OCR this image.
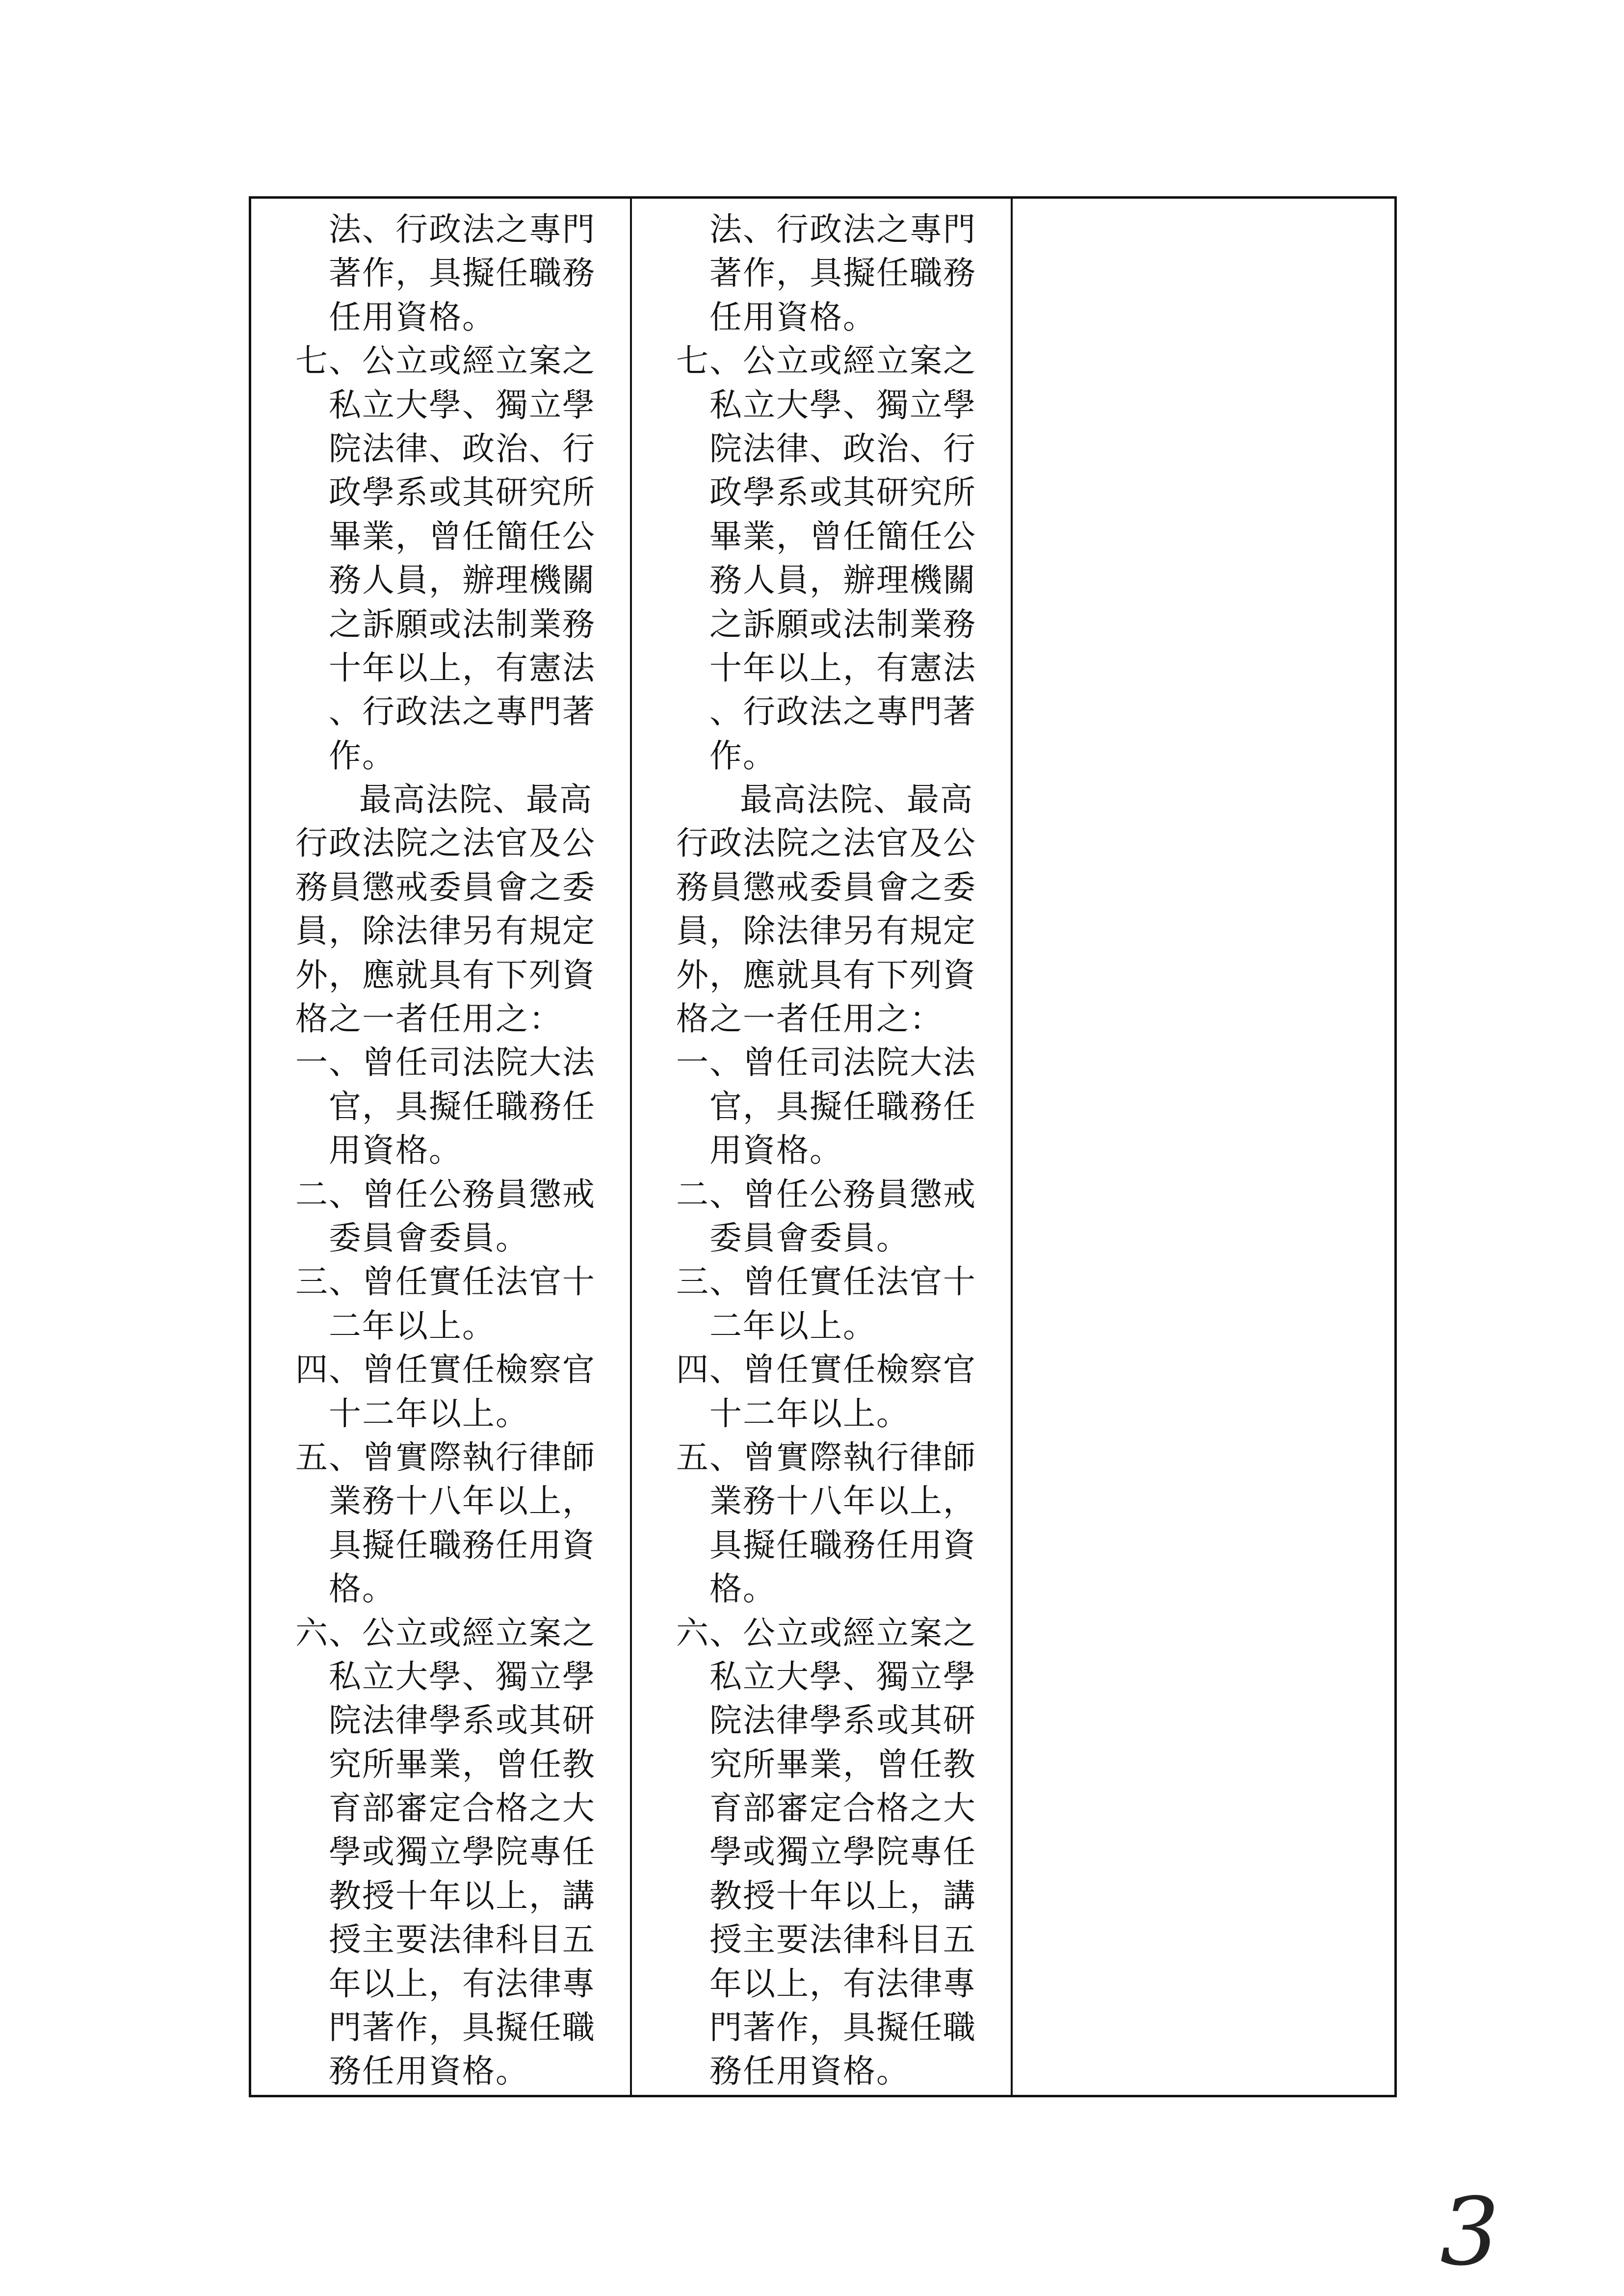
法、行政法之專門
著作，具擬任職務
任用資格。
七、公立或經立案之
私立大學、獨立學
院法律、政治、行
政學系或其研究所
畢業，曾任簡任公
務人員，辦理機關
之訴願或法制業務
十年以上，有憲法
、行政法之專門著
作。
最高法院、最高
行政法院之法官及公
務員懲戒委員會之委
員，除法律另有規定
外，應就具有下列資
格之一者任用之：
一、曾任司法院大法
官，具擬任職務任
用資格。
二、曾任公務員懲戒
委員會委員。
三、曾任實任法官十
二年以上。
四、曾任實任檢察官
十二年以上。
五、曾實際執行律師
業務十八年以上，
具擬任職務任用資
格。
六、公立或經立案之
私立大學、獨立學
院法律學系或其研
究所畢業，曾任教
育部審定合格之大
學或獨立學院專任
教授十年以上，講
授主要法律科目五
年以上，有法律專
門著作，具擬任職
務任用資格。
法、行政法之專門
著作，具擬任職務
任用資格。
七、公立或經立案之
私立大學、獨立學
院法律、政治、行
政學系或其研究所
畢業，曾任簡任公
務人員，辦理機關
之訴願或法制業務
十年以上，有憲法
、行政法之專門著
作。
最高法院、最高
行政法院之法官及公
務員懲戒委員會之委
員，除法律另有規定
外，應就具有下列資
格之一者任用之：
一、曾任司法院大法
官，具擬任職務任
用資格。
二、曾任公務員懲戒
委員會委員。
三、曾任實任法官十
二年以上。
四、曾任實任檢察官
十二年以上。
五、曾實際執行律師
業務十八年以上，
具擬任職務任用資
格。
六、公立或經立案之
私立大學、獨立學
院法律學系或其研
究所畢業，曾任教
育部審定合格之大
學或獨立學院專任
教授十年以上，講
授主要法律科目五
年以上，有法律專
門著作，具擬任職
務任用資格。
3
